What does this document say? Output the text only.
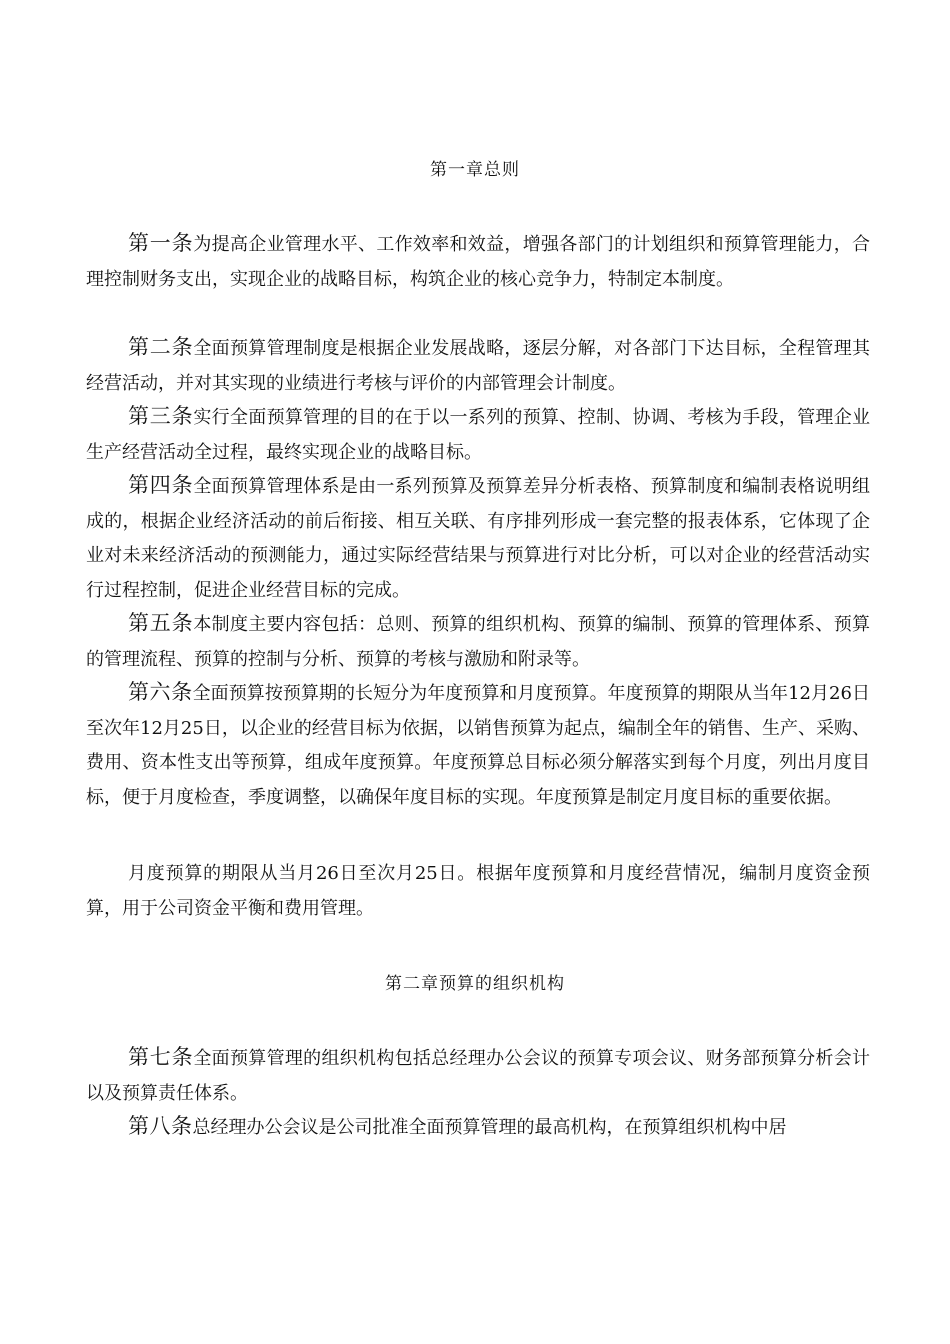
第一章总则

第一条为提高企业管理水平、工作效率和效益，增强各部门的计划组织和预算管理能力，合理控制财务支出，实现企业的战略目标，构筑企业的核心竞争力，特制定本制度。

第二条全面预算管理制度是根据企业发展战略，逐层分解，对各部门下达目标，全程管理其经营活动，并对其实现的业绩进行考核与评价的内部管理会计制度。

第三条实行全面预算管理的目的在于以一系列的预算、控制、协调、考核为手段，管理企业生产经营活动全过程，最终实现企业的战略目标。

第四条全面预算管理体系是由一系列预算及预算差异分析表格、预算制度和编制表格说明组成的，根据企业经济活动的前后衔接、相互关联、有序排列形成一套完整的报表体系，它体现了企业对未来经济活动的预测能力，通过实际经营结果与预算进行对比分析，可以对企业的经营活动实行过程控制，促进企业经营目标的完成。

第五条本制度主要内容包括：总则、预算的组织机构、预算的编制、预算的管理体系、预算的管理流程、预算的控制与分析、预算的考核与激励和附录等。

第六条全面预算按预算期的长短分为年度预算和月度预算。年度预算的期限从当年12月26日至次年12月25日，以企业的经营目标为依据，以销售预算为起点，编制全年的销售、生产、采购、费用、资本性支出等预算，组成年度预算。年度预算总目标必须分解落实到每个月度，列出月度目标，便于月度检查，季度调整，以确保年度目标的实现。年度预算是制定月度目标的重要依据。

月度预算的期限从当月26日至次月25日。根据年度预算和月度经营情况，编制月度资金预算，用于公司资金平衡和费用管理。

第二章预算的组织机构

第七条全面预算管理的组织机构包括总经理办公会议的预算专项会议、财务部预算分析会计以及预算责任体系。

第八条总经理办公会议是公司批准全面预算管理的最高机构，在预算组织机构中居
